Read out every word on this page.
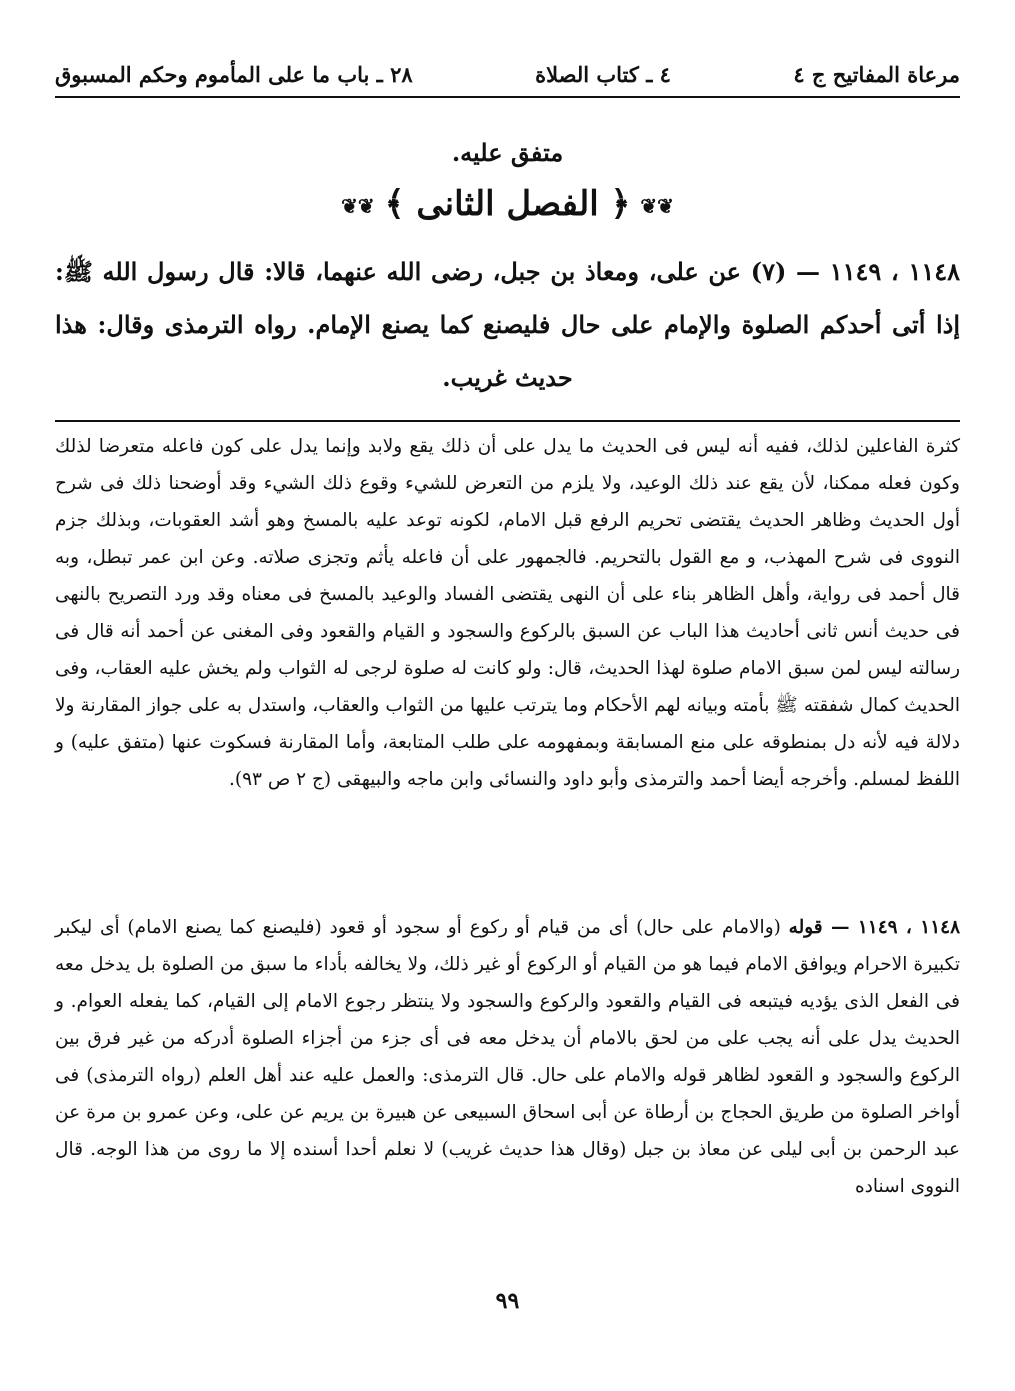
مرعاة المفاتيح ج ٤
٤ ـ كتاب الصلاة
٢٨ ـ باب ما على المأموم وحكم المسبوق
متفق عليه.
❦❦﴿ الفصل الثانى ﴾❦❦
١١٤٨ ، ١١٤٩ — (٧) عن على، ومعاذ بن جبل، رضى الله عنهما، قالا: قال رسول الله ﷺ: إذا أتى أحدكم الصلوة والإمام على حال فليصنع كما يصنع الإمام. رواه الترمذى وقال: هذا حديث غريب.
كثرة الفاعلين لذلك، ففيه أنه ليس فى الحديث ما يدل على أن ذلك يقع ولابد وإنما يدل على كون فاعله متعرضا لذلك وكون فعله ممكنا، لأن يقع عند ذلك الوعيد، ولا يلزم من التعرض للشيء وقوع ذلك الشيء وقد أوضحنا ذلك فى شرح أول الحديث وظاهر الحديث يقتضى تحريم الرفع قبل الامام، لكونه توعد عليه بالمسخ وهو أشد العقوبات، وبذلك جزم النووى فى شرح المهذب، و مع القول بالتحريم. فالجمهور على أن فاعله يأثم وتجزى صلاته. وعن ابن عمر تبطل، وبه قال أحمد فى رواية، وأهل الظاهر بناء على أن النهى يقتضى الفساد والوعيد بالمسخ فى معناه وقد ورد التصريح بالنهى فى حديث أنس ثانى أحاديث هذا الباب عن السبق بالركوع والسجود و القيام والقعود وفى المغنى عن أحمد أنه قال فى رسالته ليس لمن سبق الامام صلوة لهذا الحديث، قال: ولو كانت له صلوة لرجى له الثواب ولم يخش عليه العقاب، وفى الحديث كمال شفقته ﷺ بأمته وبيانه لهم الأحكام وما يترتب عليها من الثواب والعقاب، واستدل به على جواز المقارنة ولا دلالة فيه لأنه دل بمنطوقه على منع المسابقة وبمفهومه على طلب المتابعة، وأما المقارنة فسكوت عنها (متفق عليه) و اللفظ لمسلم. وأخرجه أيضا أحمد والترمذى وأبو داود والنسائى وابن ماجه والبيهقى (ج ٢ ص ٩٣).
١١٤٨ ، ١١٤٩ — قوله (والامام على حال) أى من قيام أو ركوع أو سجود أو قعود (فليصنع كما يصنع الامام) أى ليكبر تكبيرة الاحرام ويوافق الامام فيما هو من القيام أو الركوع أو غير ذلك، ولا يخالفه بأداء ما سبق من الصلوة بل يدخل معه فى الفعل الذى يؤديه فيتبعه فى القيام والقعود والركوع والسجود ولا ينتظر رجوع الامام إلى القيام، كما يفعله العوام. و الحديث يدل على أنه يجب على من لحق بالامام أن يدخل معه فى أى جزء من أجزاء الصلوة أدركه من غير فرق بين الركوع والسجود و القعود لظاهر قوله والامام على حال. قال الترمذى: والعمل عليه عند أهل العلم (رواه الترمذى) فى أواخر الصلوة من طريق الحجاج بن أرطاة عن أبى اسحاق السبيعى عن هبيرة بن يريم عن على، وعن عمرو بن مرة عن عبد الرحمن بن أبى ليلى عن معاذ بن جبل (وقال هذا حديث غريب) لا نعلم أحدا أسنده إلا ما روى من هذا الوجه. قال النووى اسناده
٩٩
